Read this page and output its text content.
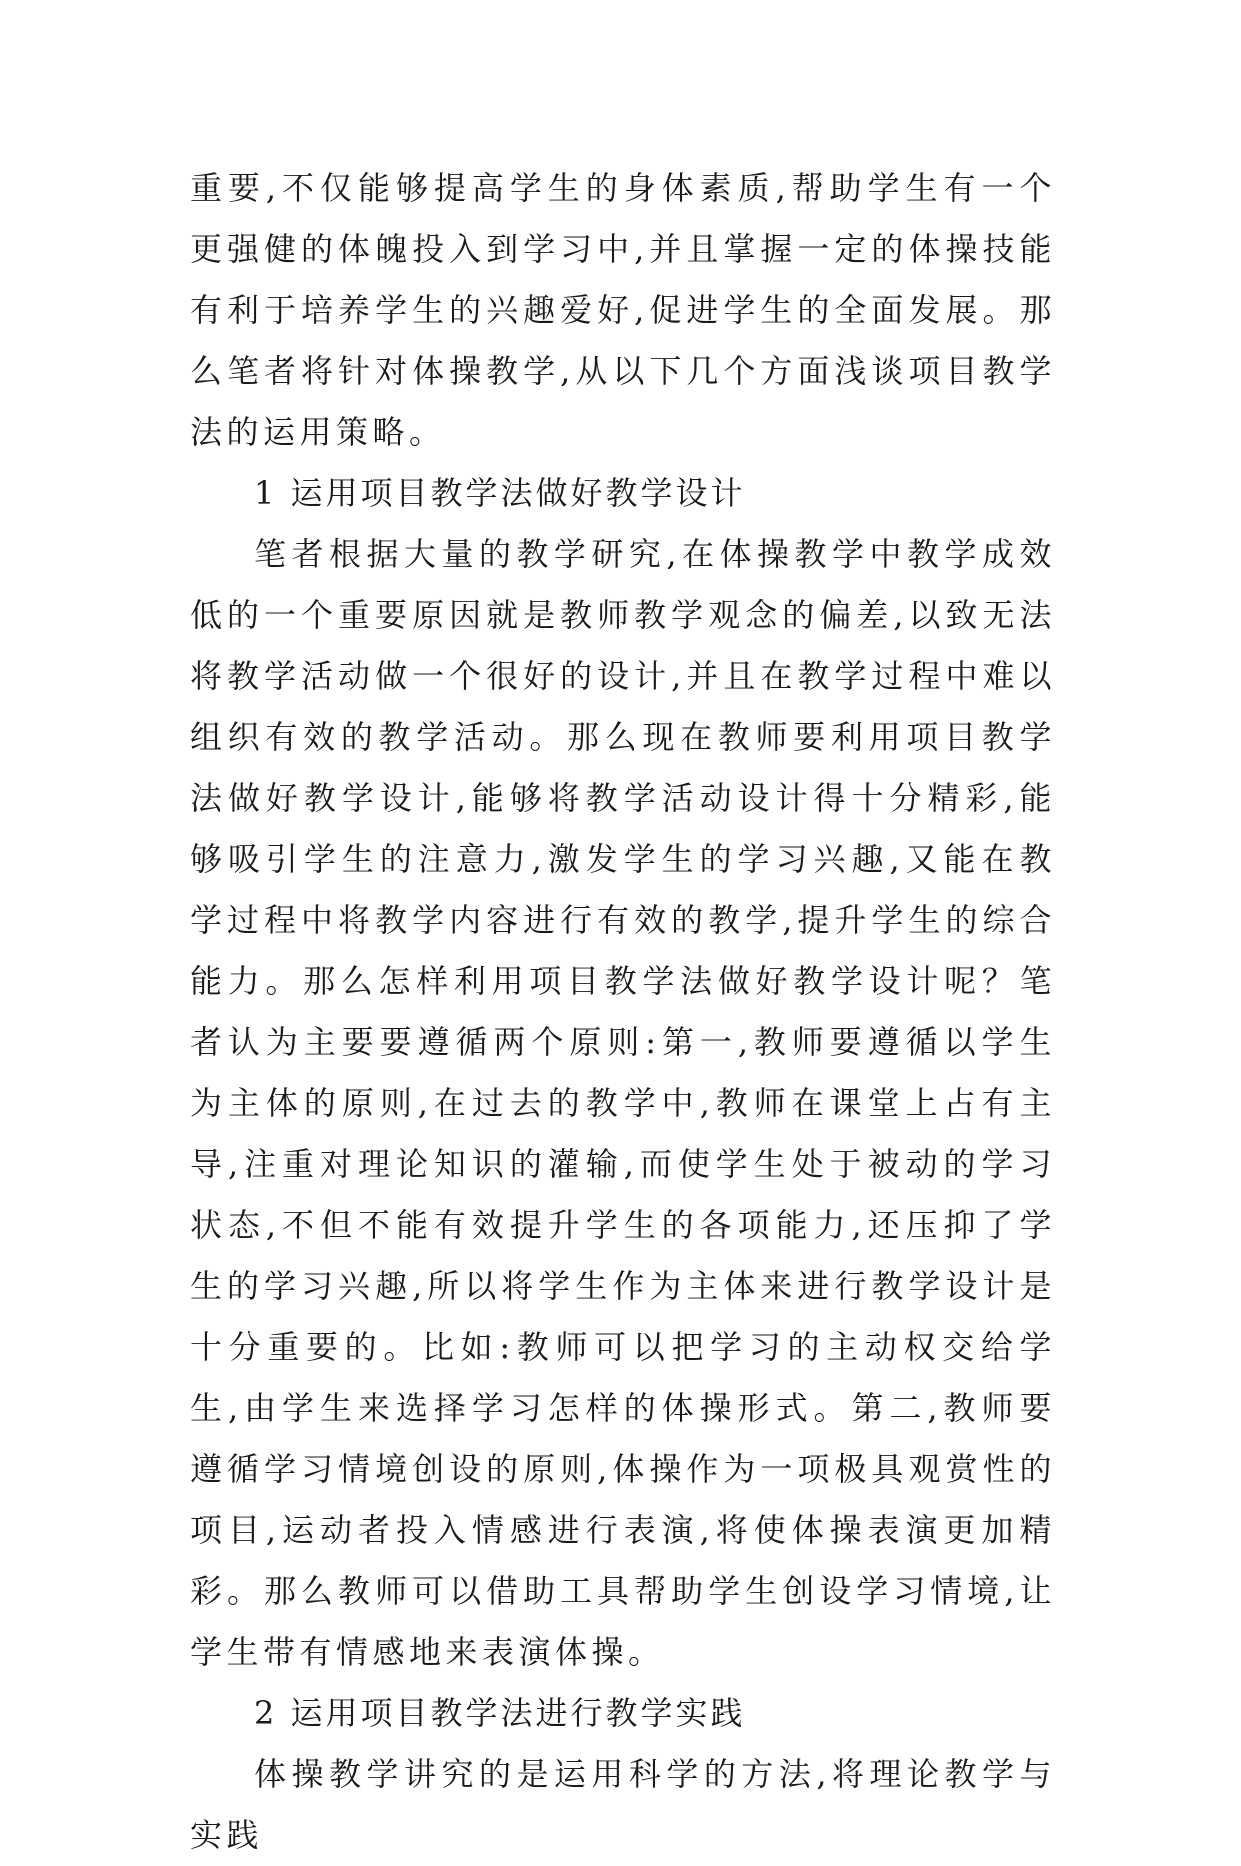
重要,不仅能够提高学生的身体素质,帮助学生有一个更强健的体魄投入到学习中,并且掌握一定的体操技能有利于培养学生的兴趣爱好,促进学生的全面发展。那么笔者将针对体操教学,从以下几个方面浅谈项目教学法的运用策略。

1 运用项目教学法做好教学设计

笔者根据大量的教学研究,在体操教学中教学成效低的一个重要原因就是教师教学观念的偏差,以致无法将教学活动做一个很好的设计,并且在教学过程中难以组织有效的教学活动。那么现在教师要利用项目教学法做好教学设计,能够将教学活动设计得十分精彩,能够吸引学生的注意力,激发学生的学习兴趣,又能在教学过程中将教学内容进行有效的教学,提升学生的综合能力。那么怎样利用项目教学法做好教学设计呢？笔者认为主要要遵循两个原则:第一,教师要遵循以学生为主体的原则,在过去的教学中,教师在课堂上占有主导,注重对理论知识的灌输,而使学生处于被动的学习状态,不但不能有效提升学生的各项能力,还压抑了学生的学习兴趣,所以将学生作为主体来进行教学设计是十分重要的。比如:教师可以把学习的主动权交给学生,由学生来选择学习怎样的体操形式。第二,教师要遵循学习情境创设的原则,体操作为一项极具观赏性的项目,运动者投入情感进行表演,将使体操表演更加精彩。那么教师可以借助工具帮助学生创设学习情境,让学生带有情感地来表演体操。

2 运用项目教学法进行教学实践

体操教学讲究的是运用科学的方法,将理论教学与实践
